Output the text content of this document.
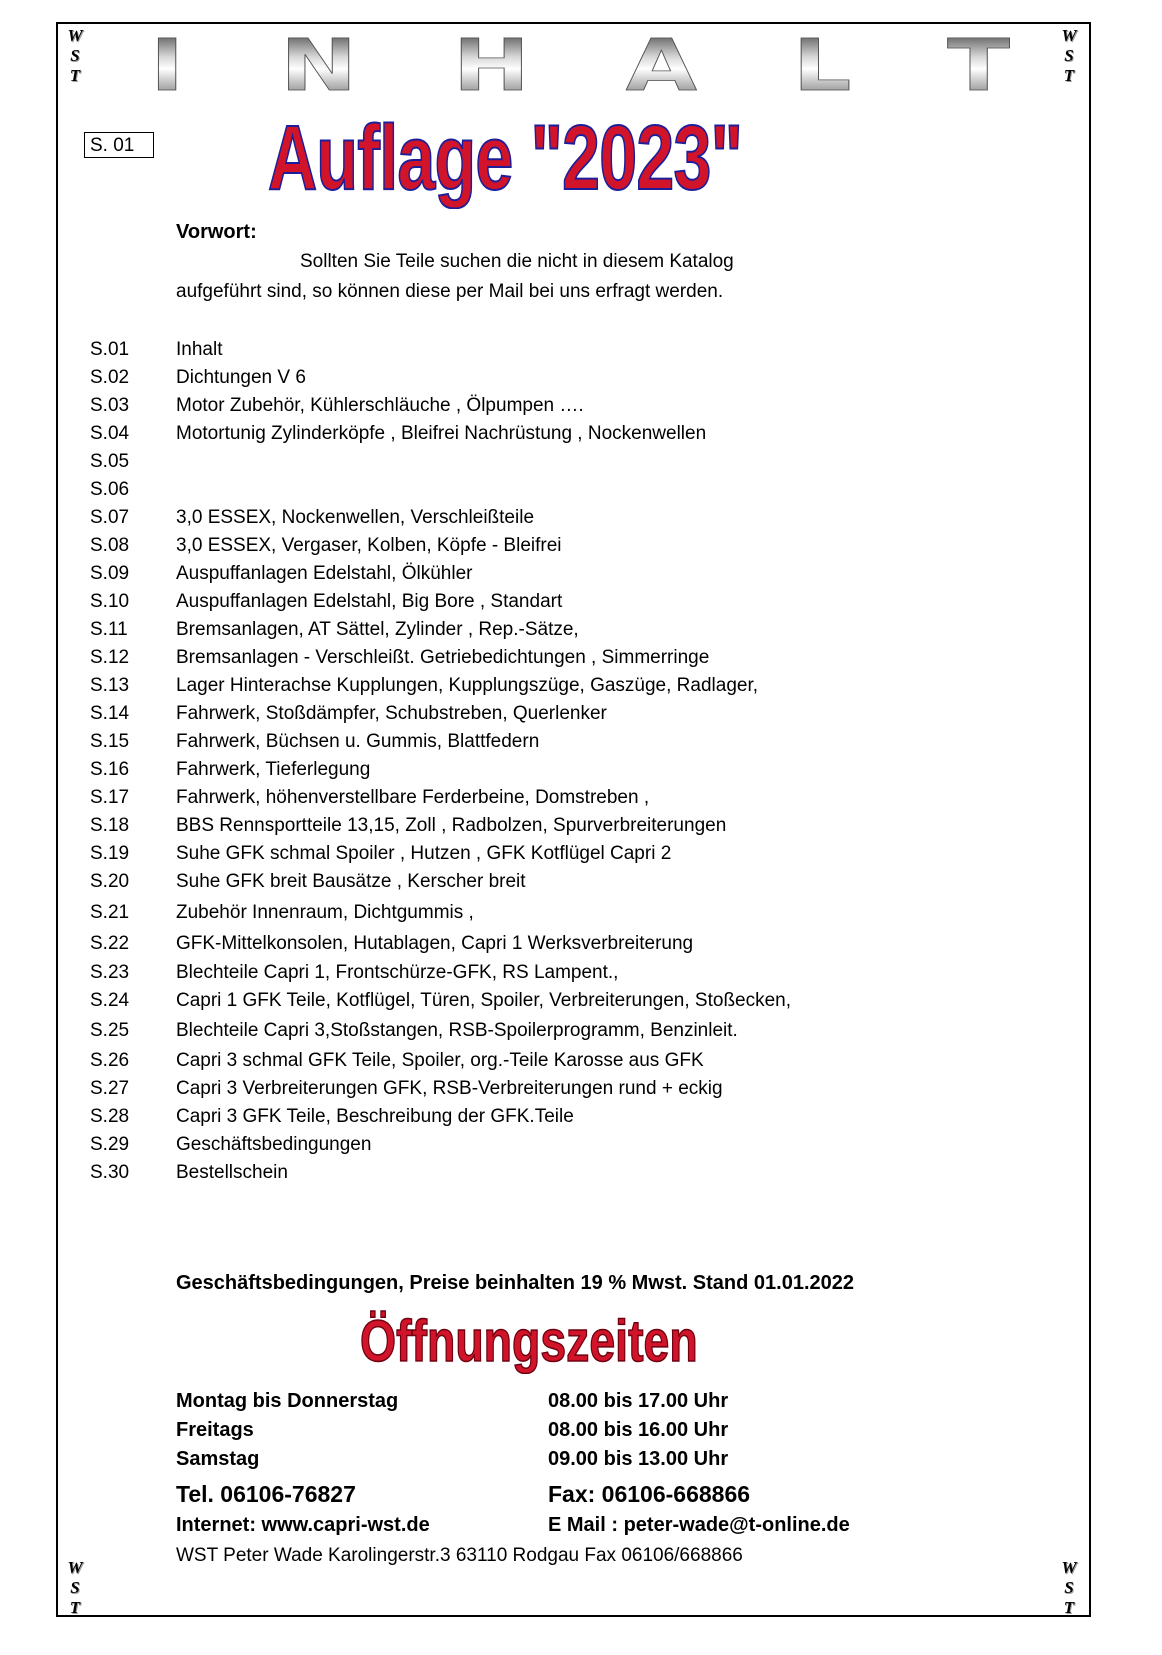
W
S
T
W
S
T
W
S
T
W
S
T
I N H A L T
S. 01 Auflage "2023"
Vorwort:
Sollten Sie Teile suchen die nicht in diesem Katalog
aufgeführt sind, so können diese per Mail bei uns erfragt werden.
S.01 Inhalt
S.02 Dichtungen V 6
S.03 Motor Zubehör, Kühlerschläuche , Ölpumpen ….
S.04 Motortunig Zylinderköpfe , Bleifrei Nachrüstung , Nockenwellen
S.05
S.06
S.07 3,0 ESSEX, Nockenwellen, Verschleißteile
S.08 3,0 ESSEX, Vergaser, Kolben, Köpfe - Bleifrei
S.09 Auspuffanlagen Edelstahl, Ölkühler
S.10 Auspuffanlagen Edelstahl, Big Bore , Standart
S.11	Bremsanlagen, AT Sättel, Zylinder , Rep.-Sätze,
S.12 Bremsanlagen - Verschleißt. Getriebedichtungen , Simmerringe
S.13 Lager Hinterachse Kupplungen, Kupplungszüge, Gaszüge, Radlager,
S.14 Fahrwerk, Stoßdämpfer, Schubstreben, Querlenker
S.15 Fahrwerk, Büchsen u. Gummis, Blattfedern
S.16 Fahrwerk, Tieferlegung
S.17 Fahrwerk, höhenverstellbare Ferderbeine, Domstreben ,
S.18 BBS Rennsportteile 13,15, Zoll , Radbolzen, Spurverbreiterungen
S.19 Suhe GFK schmal Spoiler , Hutzen , GFK Kotflügel Capri 2
S.20 Suhe GFK breit Bausätze , Kerscher breit
S.21 Zubehör Innenraum, Dichtgummis ,
S.22 GFK-Mittelkonsolen, Hutablagen, Capri 1 Werksverbreiterung
S.23 Blechteile Capri 1, Frontschürze-GFK, RS Lampent.,
S.24 Capri 1 GFK Teile, Kotflügel, Türen, Spoiler, Verbreiterungen, Stoßecken,
S.25 Blechteile Capri 3,Stoßstangen, RSB-Spoilerprogramm, Benzinleit.
S.26 Capri 3 schmal GFK Teile, Spoiler, org.-Teile Karosse aus GFK
S.27 Capri 3 Verbreiterungen GFK, RSB-Verbreiterungen rund + eckig
S.28 Capri 3 GFK Teile, Beschreibung der GFK.Teile
S.29 Geschäftsbedingungen
S.30 Bestellschein
Geschäftsbedingungen, Preise beinhalten 19 % Mwst. Stand 01.01.2022
Öffnungszeiten
Montag bis Donnerstag	08.00 bis 17.00 Uhr
Freitags	08.00 bis 16.00 Uhr
Samstag	09.00 bis 13.00 Uhr
Tel. 06106-76827	Fax: 06106-668866
Internet: www.capri-wst.de	E Mail : peter-wade@t-online.de
WST Peter Wade Karolingerstr.3 63110 Rodgau Fax 06106/668866
